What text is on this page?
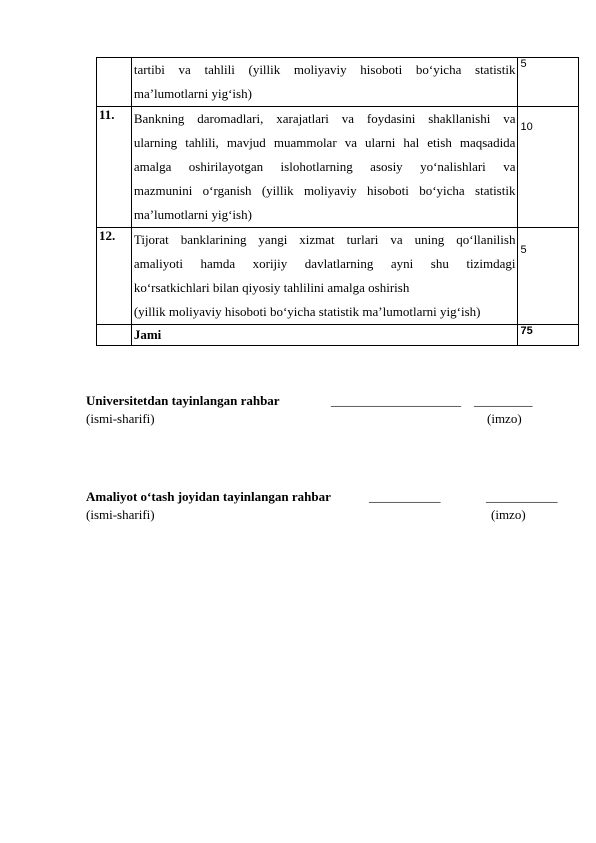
	tartibi va tahlili (yillik moliyaviy hisoboti bo‘yicha statistik
ma’lumotlarni yig‘ish)	5
11.	Bankning daromadlari, xarajatlari va foydasini shakllanishi va
ularning tahlili, mavjud muammolar va ularni hal etish maqsadida
amalga oshirilayotgan islohotlarning asosiy yo‘nalishlari va
mazmunini o‘rganish (yillik moliyaviy hisoboti bo‘yicha statistik
ma’lumotlarni yig‘ish)	10
12.	Tijorat banklarining yangi xizmat turlari va uning qo‘llanilish
amaliyoti hamda xorijiy davlatlarning ayni shu tizimdagi
ko‘rsatkichlari bilan qiyosiy tahlilini amalga oshirish
(yillik moliyaviy hisoboti bo‘yicha statistik ma’lumotlarni yig‘ish)	5
	Jami	75
Universitetdan tayinlangan rahbar	____________________ _________
(ismi-sharifi)	(imzo)
Amaliyot o‘tash joyidan tayinlangan rahbar	___________	___________
(ismi-sharifi)	(imzo)
